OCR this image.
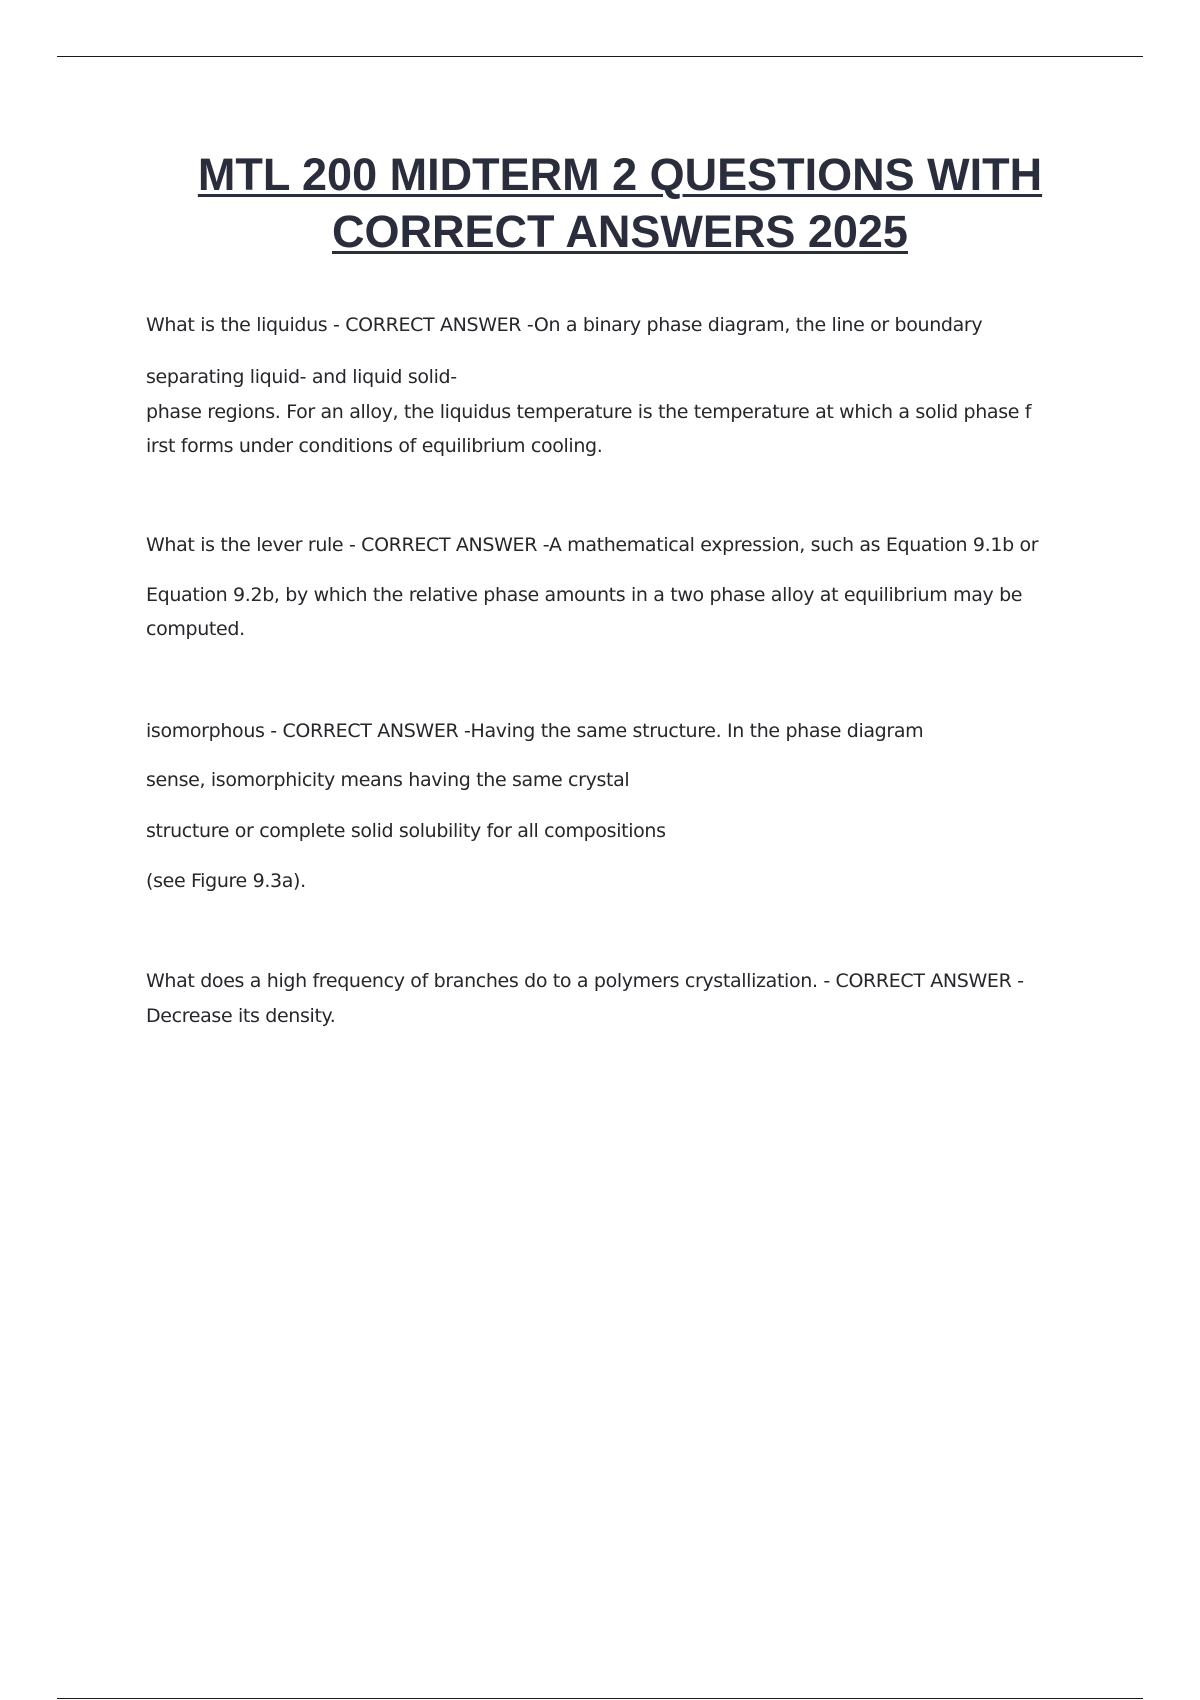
MTL 200 MIDTERM 2 QUESTIONS WITH CORRECT ANSWERS 2025

What is the liquidus - CORRECT ANSWER -On a binary phase diagram, the line or boundary

separating liquid- and liquid solid-

phase regions. For an alloy, the liquidus temperature is the temperature at which a solid phase f

irst forms under conditions of equilibrium cooling.

What is the lever rule - CORRECT ANSWER -A mathematical expression, such as Equation 9.1b or

Equation 9.2b, by which the relative phase amounts in a two phase alloy at equilibrium may be

computed.

isomorphous - CORRECT ANSWER -Having the same structure. In the phase diagram

sense, isomorphicity means having the same crystal

structure or complete solid solubility for all compositions

(see Figure 9.3a).

What does a high frequency of branches do to a polymers crystallization. - CORRECT ANSWER -

Decrease its density.
